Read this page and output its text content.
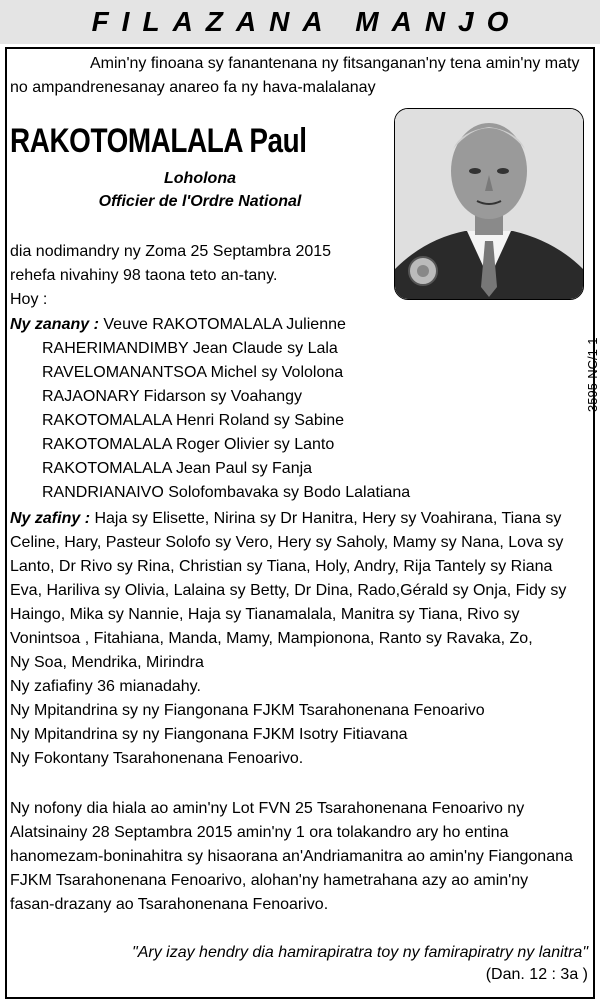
FILAZANA MANJO
Amin'ny finoana sy fanantenana ny fitsanganan'ny tena amin'ny maty
no ampandrenesanay anareo fa ny hava-malalanay
RAKOTOMALALA Paul
Loholona
Officier de l'Ordre National
dia nodimandry ny Zoma 25 Septambra 2015
rehefa nivahiny 98 taona teto an-tany.
Hoy :
Ny zanany : Veuve RAKOTOMALALA Julienne
RAHERIMANDIMBY Jean Claude sy Lala
RAVELOMANANTSOA Michel sy Vololona
RAJAONARY Fidarson sy Voahangy
RAKOTOMALALA Henri Roland sy Sabine
RAKOTOMALALA Roger Olivier sy Lanto
RAKOTOMALALA Jean Paul sy Fanja
RANDRIANAIVO Solofombavaka sy Bodo Lalatiana
Ny zafiny : Haja sy Elisette, Nirina sy Dr Hanitra, Hery sy Voahirana, Tiana sy
Celine, Hary, Pasteur Solofo sy Vero, Hery sy Saholy, Mamy sy Nana, Lova sy
Lanto, Dr Rivo sy Rina, Christian sy Tiana, Holy, Andry, Rija Tantely sy Riana
Eva, Hariliva sy Olivia, Lalaina sy Betty, Dr Dina, Rado,Gérald sy Onja, Fidy sy
Haingo, Mika sy Nannie, Haja sy Tianamalala, Manitra sy Tiana, Rivo sy
Vonintsoa , Fitahiana, Manda, Mamy, Mampionona, Ranto sy Ravaka, Zo,
Ny Soa, Mendrika, Mirindra
Ny zafiafiny 36 mianadahy.
Ny Mpitandrina sy ny Fiangonana FJKM Tsarahonenana Fenoarivo
Ny Mpitandrina sy ny Fiangonana FJKM Isotry Fitiavana
Ny Fokontany Tsarahonenana Fenoarivo.
Ny nofony dia hiala ao amin'ny Lot FVN 25 Tsarahonenana Fenoarivo ny
Alatsinainy 28 Septambra 2015 amin'ny 1 ora tolakandro ary ho entina
hanomezam-boninahitra sy hisaorana an'Andriamanitra ao amin'ny Fiangonana
FJKM Tsarahonenana Fenoarivo, alohan'ny hametrahana azy ao amin'ny
fasan-drazany ao Tsarahonenana Fenoarivo.
"Ary izay hendry dia hamirapiratra toy ny famirapiratry ny lanitra"
(Dan. 12 : 3a )
3595-NC/1-1
